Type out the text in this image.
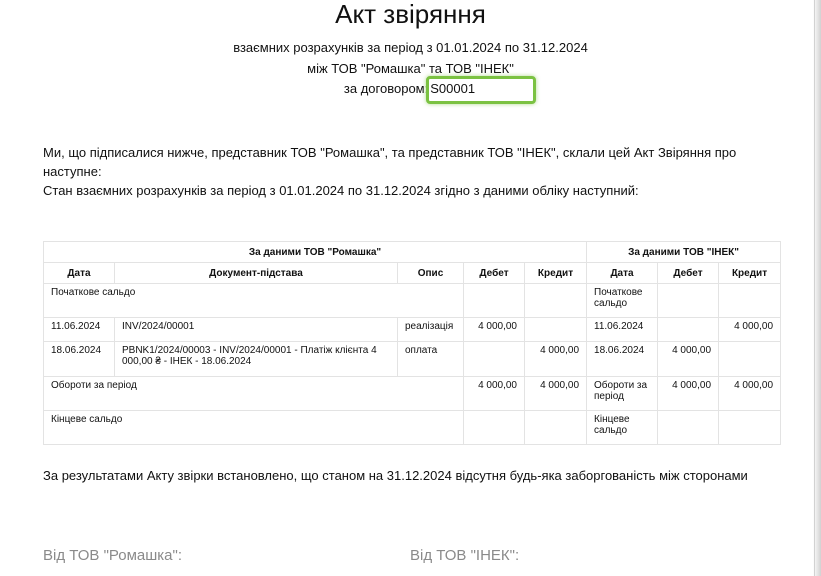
Акт звіряння
взаємних розрахунків за період з 01.01.2024 по 31.12.2024
між ТОВ "Ромашка" та ТОВ "ІНЕК"
за договором: S00001
Ми, що підписалися нижче, представник ТОВ "Ромашка", та представник ТОВ "ІНЕК", склали цей Акт Звіряння про наступне:
Стан взаємних розрахунків за період з 01.01.2024 по 31.12.2024 згідно з даними обліку наступний:
За даними ТОВ "Ромашка"					За даними ТОВ "ІНЕК"		
Дата	Документ-підстава	Опис	Дебет	Кредит	Дата	Дебет	Кредит
Початкове сальдо					Початкове сальдо		
11.06.2024	INV/2024/00001	реалізація	4 000,00		11.06.2024		4 000,00
18.06.2024	PBNK1/2024/00003 - INV/2024/00001 - Платіж клієнта 4 000,00 ₴ - ІНЕК - 18.06.2024	оплата		4 000,00	18.06.2024	4 000,00	
Обороти за період			4 000,00	4 000,00	Обороти за період	4 000,00	4 000,00
Кінцеве сальдо					Кінцеве сальдо		
За результатами Акту звірки встановлено, що станом на 31.12.2024 відсутня будь-яка заборгованість між сторонами
Від ТОВ "Ромашка":	Від ТОВ "ІНЕК":
